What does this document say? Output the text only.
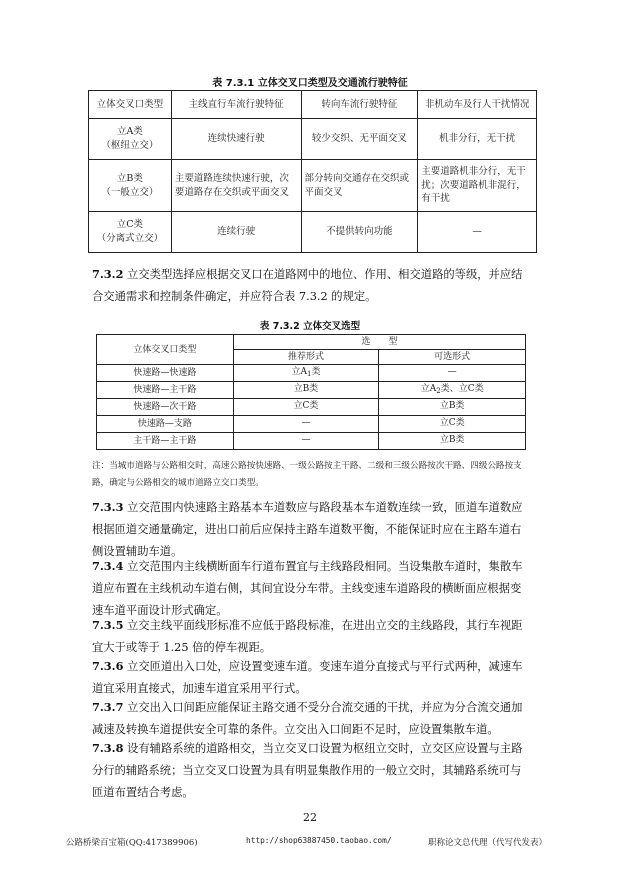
表 7.3.1 立体交叉口类型及交通流行驶特征
立体交叉口类型	主线直行车流行驶特征	转向车流行驶特征	非机动车及行人干扰情况

立A类
（枢纽立交）	连续快速行驶	较少交织、无平面交叉	机非分行，无干扰

立B类
（一般立交）	主要道路连续快速行驶，次要道路存在交织或平面交叉	部分转向交通存在交织或平面交叉	主要道路机非分行，无干扰；次要道路机非混行，有干扰

立C类
（分离式立交）	连续行驶	不提供转向功能	—
7.3.2 立交类型选择应根据交叉口在道路网中的地位、作用、相交道路的等级，并应结合交通需求和控制条件确定，并应符合表 7.3.2 的规定。
表 7.3.2 立体交叉选型
立体交叉口类型	选　　型	
	推荐形式	可选形式
快速路—快速路	立$A_1$类	—
快速路—主干路	立B类	立$A_2$类、立C类
快速路—次干路	立C类	立B类
快速路—支路	—	立C类
主干路—主干路	—	立B类
注：当城市道路与公路相交时，高速公路按快速路、一级公路按主干路、二级和三级公路按次干路、四级公路按支路，确定与公路相交的城市道路立交口类型。
7.3.3 立交范围内快速路主路基本车道数应与路段基本车道数连续一致，匝道车道数应根据匝道交通量确定，进出口前后应保持主路车道数平衡，不能保证时应在主路车道右侧设置辅助车道。
7.3.4 立交范围内主线横断面车行道布置宜与主线路段相同。当设集散车道时，集散车道应布置在主线机动车道右侧，其间宜设分车带。主线变速车道路段的横断面应根据变速车道平面设计形式确定。
7.3.5 立交主线平面线形标准不应低于路段标准，在进出立交的主线路段，其行车视距宜大于或等于 1.25 倍的停车视距。
7.3.6 立交匝道出入口处，应设置变速车道。变速车道分直接式与平行式两种，减速车道宜采用直接式，加速车道宜采用平行式。
7.3.7 立交出入口间距应能保证主路交通不受分合流交通的干扰，并应为分合流交通加减速及转换车道提供安全可靠的条件。立交出入口间距不足时，应设置集散车道。
7.3.8 设有辅路系统的道路相交，当立交叉口设置为枢纽立交时，立交区应设置与主路分行的辅路系统；当立交叉口设置为具有明显集散作用的一般立交时，其辅路系统可与匝道布置结合考虑。
22
公路桥梁百宝箱(QQ:417389906)	http://shop63887450.taobao.com/	职称论文总代理（代写代发表）
